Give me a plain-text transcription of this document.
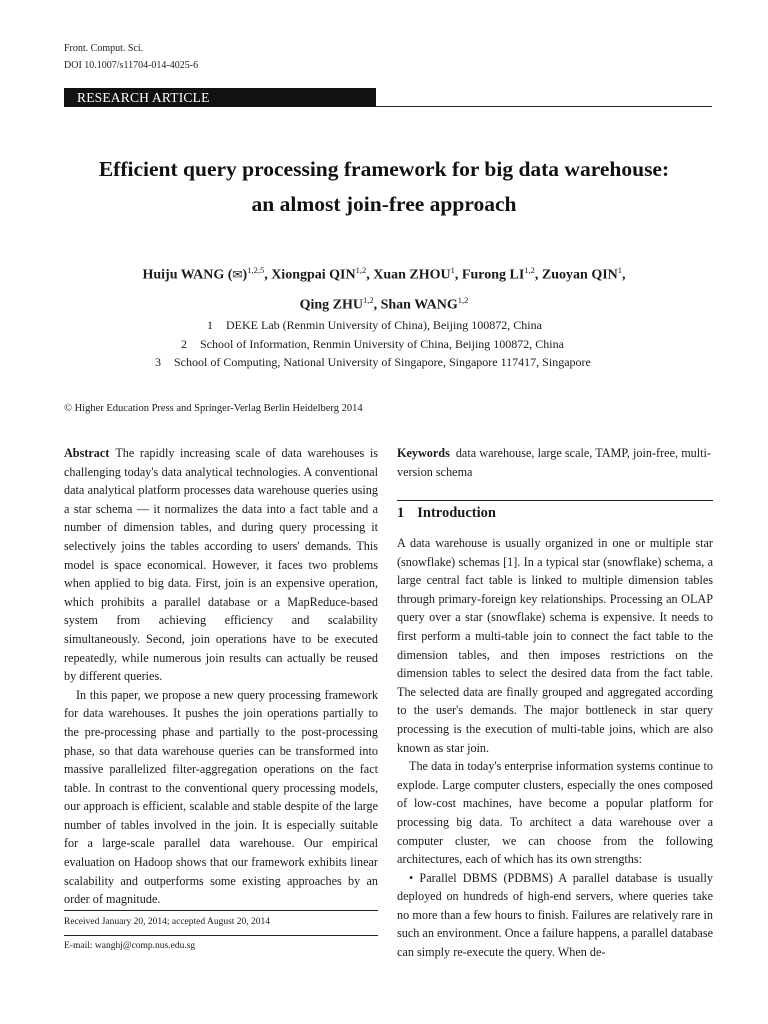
Front. Comput. Sci.
DOI 10.1007/s11704-014-4025-6
RESEARCH ARTICLE
Efficient query processing framework for big data warehouse:
an almost join-free approach
Huiju WANG (✉)$^{1,2,5}$, Xiongpai QIN$^{1,2}$, Xuan ZHOU$^1$, Furong LI$^{1,2}$, Zuoyan QIN$^1$,
Qing ZHU$^{1,2}$, Shan WANG$^{1,2}$
1 DEKE Lab (Renmin University of China), Beijing 100872, China
2 School of Information, Renmin University of China, Beijing 100872, China
3 School of Computing, National University of Singapore, Singapore 117417, Singapore
© Higher Education Press and Springer-Verlag Berlin Heidelberg 2014

Abstract The rapidly increasing scale of data warehouses is challenging today's data analytical technologies. A conventional data analytical platform processes data warehouse queries using a star schema — it normalizes the data into a fact table and a number of dimension tables, and during query processing it selectively joins the tables according to users' demands. This model is space economical. However, it faces two problems when applied to big data. First, join is an expensive operation, which prohibits a parallel database or a MapReduce-based system from achieving efficiency and scalability simultaneously. Second, join operations have to be executed repeatedly, while numerous join results can actually be reused by different queries.

In this paper, we propose a new query processing framework for data warehouses. It pushes the join operations partially to the pre-processing phase and partially to the post-processing phase, so that data warehouse queries can be transformed into massive parallelized filter-aggregation operations on the fact table. In contrast to the conventional query processing models, our approach is efficient, scalable and stable despite of the large number of tables involved in the join. It is especially suitable for a large-scale parallel data warehouse. Our empirical evaluation on Hadoop shows that our framework exhibits linear scalability and outperforms some existing approaches by an order of magnitude.

Received January 20, 2014; accepted August 20, 2014
E-mail: wanghj@comp.nus.edu.sg

Keywords data warehouse, large scale, TAMP, join-free, multi-version schema

1 Introduction

A data warehouse is usually organized in one or multiple star (snowflake) schemas [1]. In a typical star (snowflake) schema, a large central fact table is linked to multiple dimension tables through primary-foreign key relationships. Processing an OLAP query over a star (snowflake) schema is expensive. It needs to first perform a multi-table join to connect the fact table to the dimension tables, and then imposes restrictions on the dimension tables to select the desired data from the fact table. The selected data are finally grouped and aggregated according to the user's demands. The major bottleneck in star query processing is the execution of multi-table joins, which are also known as star join.

The data in today's enterprise information systems continue to explode. Large computer clusters, especially the ones composed of low-cost machines, have become a popular platform for processing big data. To architect a data warehouse over a computer cluster, we can choose from the following architectures, each of which has its own strengths:

• Parallel DBMS (PDBMS) A parallel database is usually deployed on hundreds of high-end servers, where queries take no more than a few hours to finish. Failures are relatively rare in such an environment. Once a failure happens, a parallel database can simply re-execute the query. When de-
